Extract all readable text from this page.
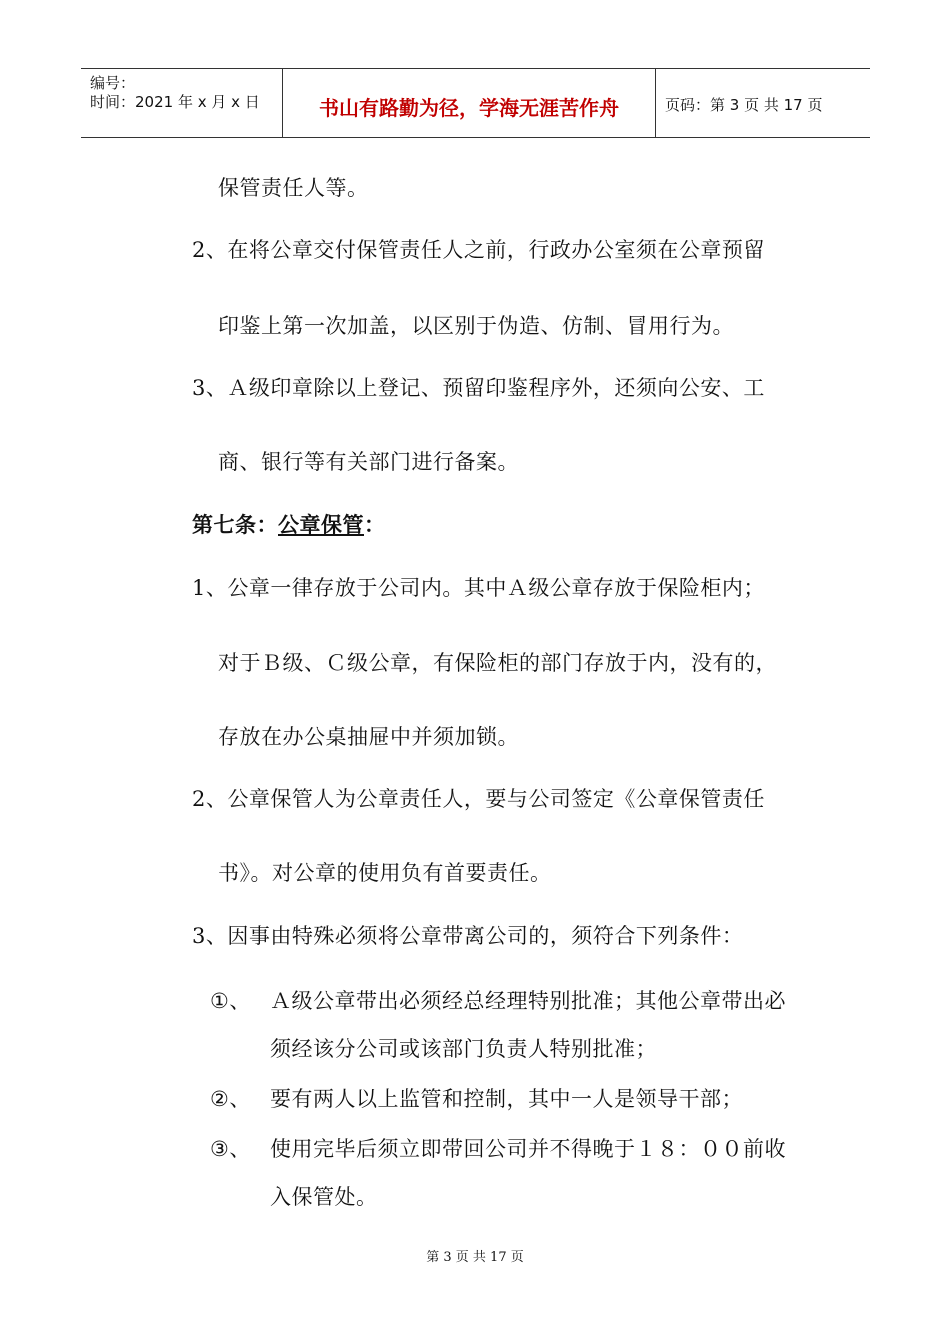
编号：
时间：2021 年 x 月 x 日	书山有路勤为径，学海无涯苦作舟	页码：第 3 页 共 17 页
保管责任人等。
2、在将公章交付保管责任人之前，行政办公室须在公章预留
印鉴上第一次加盖，以区别于伪造、仿制、冒用行为。
3、Ａ级印章除以上登记、预留印鉴程序外，还须向公安、工
商、银行等有关部门进行备案。
第七条：公章保管：
1、公章一律存放于公司内。其中Ａ级公章存放于保险柜内；
对于Ｂ级、Ｃ级公章，有保险柜的部门存放于内，没有的，
存放在办公桌抽屉中并须加锁。
2、公章保管人为公章责任人，要与公司签定《公章保管责任
书》。对公章的使用负有首要责任。
3、因事由特殊必须将公章带离公司的，须符合下列条件：
①、 Ａ级公章带出必须经总经理特别批准；其他公章带出必
须经该分公司或该部门负责人特别批准；
②、 要有两人以上监管和控制，其中一人是领导干部；
③、 使用完毕后须立即带回公司并不得晚于１８：００前收
入保管处。
第 3 页 共 17 页
